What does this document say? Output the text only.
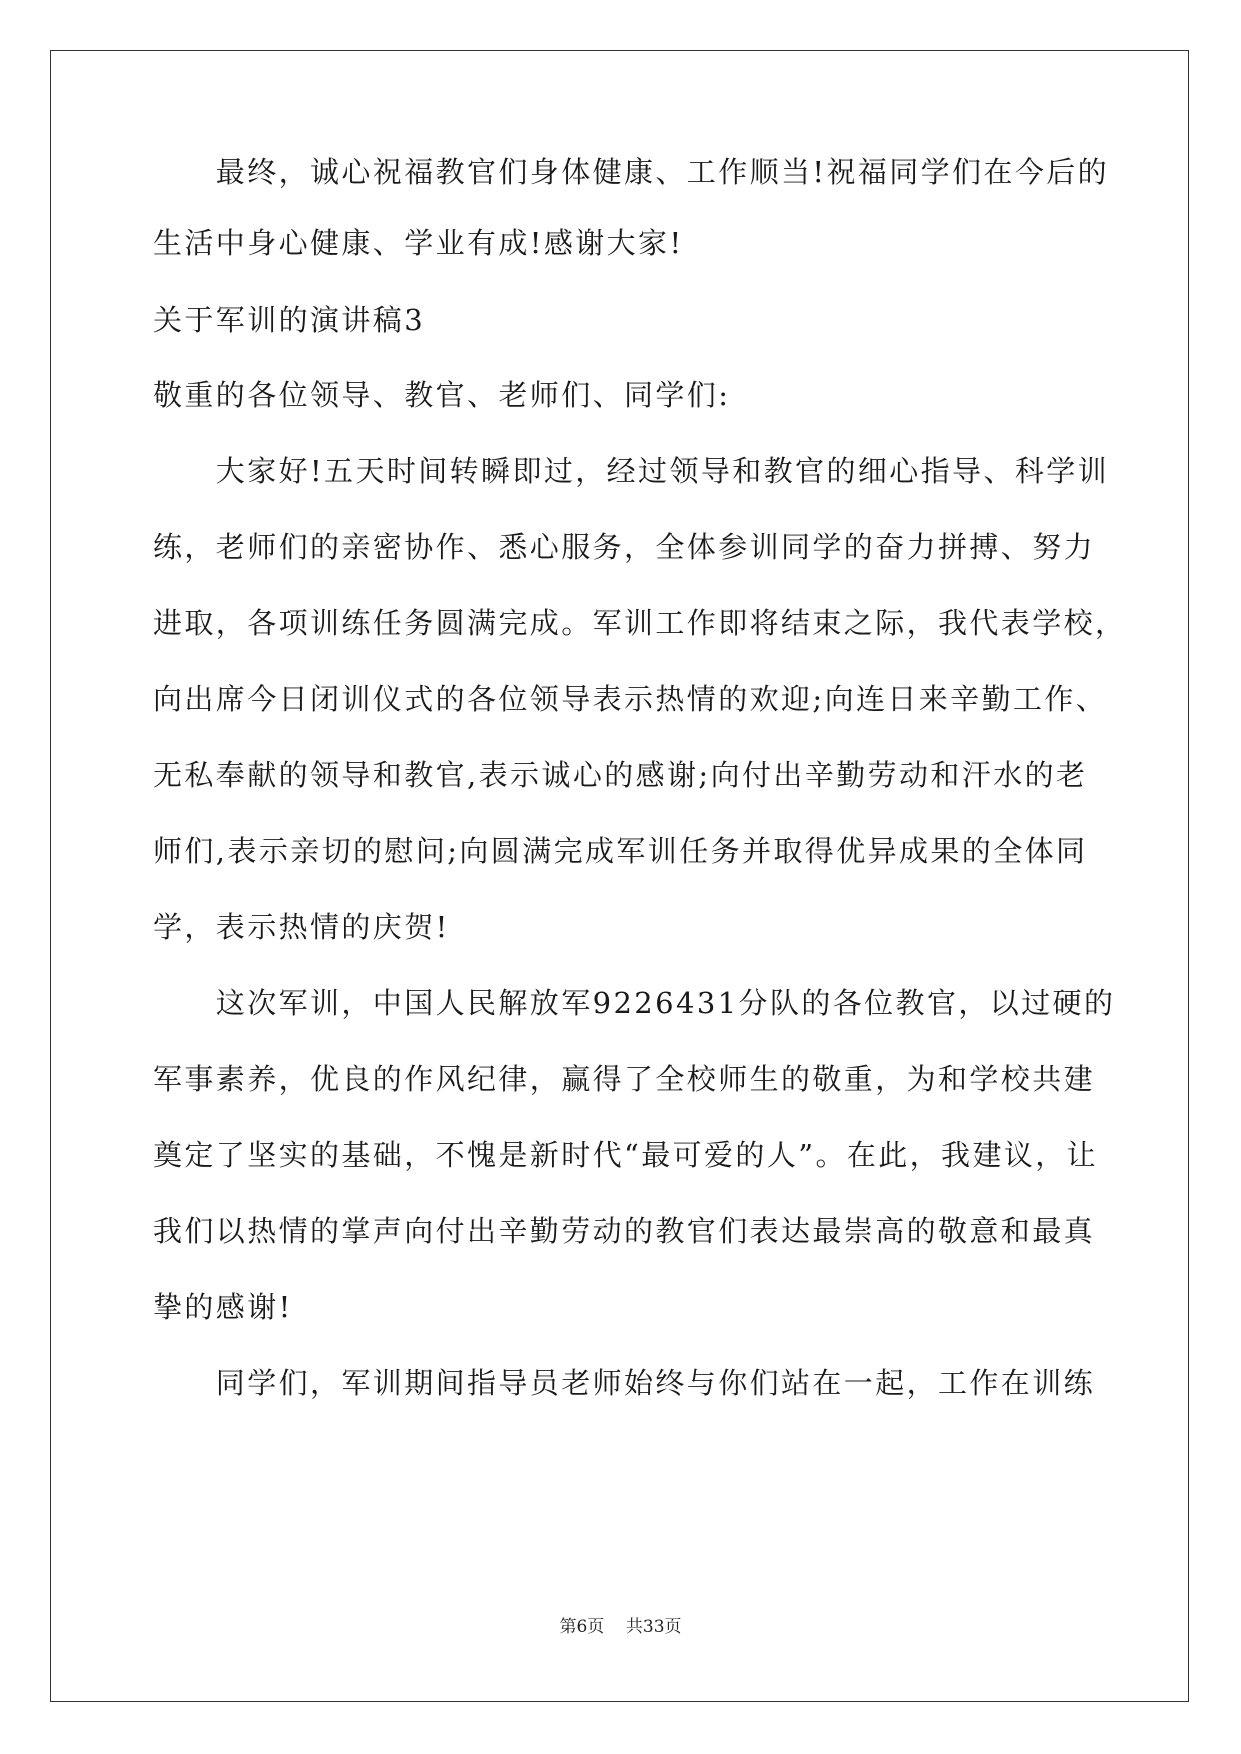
　　最终，诚心祝福教官们身体健康、工作顺当!祝福同学们在今后的
生活中身心健康、学业有成!感谢大家!
关于军训的演讲稿3
敬重的各位领导、教官、老师们、同学们:
　　大家好!五天时间转瞬即过，经过领导和教官的细心指导、科学训
练，老师们的亲密协作、悉心服务，全体参训同学的奋力拼搏、努力
进取，各项训练任务圆满完成。军训工作即将结束之际，我代表学校，
向出席今日闭训仪式的各位领导表示热情的欢迎;向连日来辛勤工作、
无私奉献的领导和教官,表示诚心的感谢;向付出辛勤劳动和汗水的老
师们,表示亲切的慰问;向圆满完成军训任务并取得优异成果的全体同
学，表示热情的庆贺!
　　这次军训，中国人民解放军9226431分队的各位教官，以过硬的
军事素养，优良的作风纪律，赢得了全校师生的敬重，为和学校共建
奠定了坚实的基础，不愧是新时代“最可爱的人”。在此，我建议，让
我们以热情的掌声向付出辛勤劳动的教官们表达最崇高的敬意和最真
挚的感谢!
　　同学们，军训期间指导员老师始终与你们站在一起，工作在训练
第6页    共33页
